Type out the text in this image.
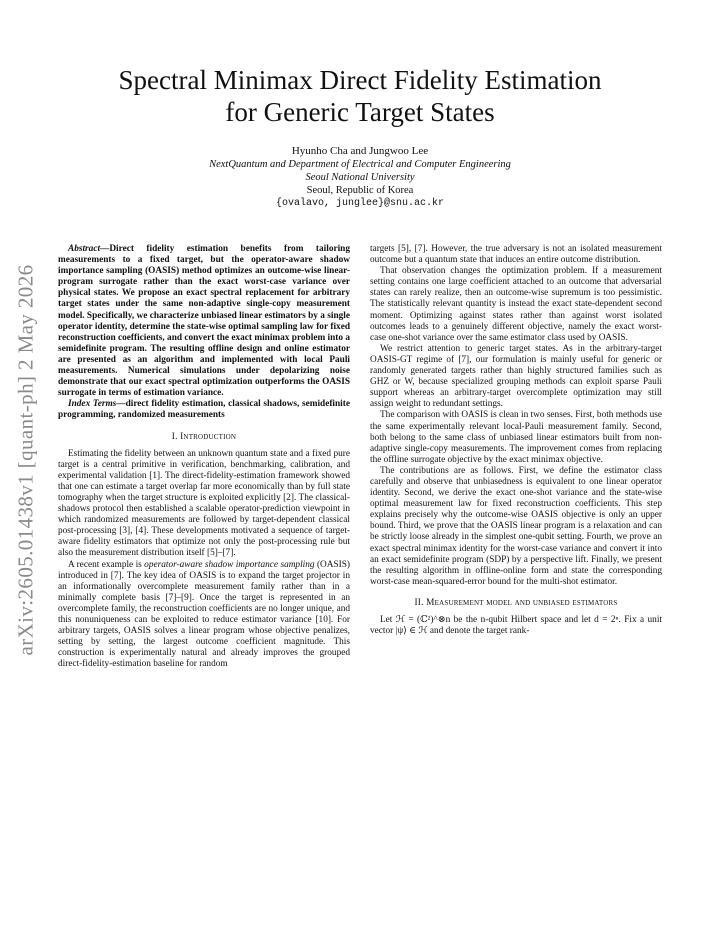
arXiv:2605.01438v1 [quant-ph] 2 May 2026
Spectral Minimax Direct Fidelity Estimation
for Generic Target States
Hyunho Cha and Jungwoo Lee
NextQuantum and Department of Electrical and Computer Engineering
Seoul National University
Seoul, Republic of Korea
{ovalavo, junglee}@snu.ac.kr

Abstract—Direct fidelity estimation benefits from tailoring measurements to a fixed target, but the operator-aware shadow importance sampling (OASIS) method optimizes an outcome-wise linear-program surrogate rather than the exact worst-case variance over physical states. We propose an exact spectral replacement for arbitrary target states under the same non-adaptive single-copy measurement model. Specifically, we characterize unbiased linear estimators by a single operator identity, determine the state-wise optimal sampling law for fixed reconstruction coefficients, and convert the exact minimax problem into a semidefinite program. The resulting offline design and online estimator are presented as an algorithm and implemented with local Pauli measurements. Numerical simulations under depolarizing noise demonstrate that our exact spectral optimization outperforms the OASIS surrogate in terms of estimation variance.

Index Terms—direct fidelity estimation, classical shadows, semidefinite programming, randomized measurements

I. Introduction

Estimating the fidelity between an unknown quantum state and a fixed pure target is a central primitive in verification, benchmarking, calibration, and experimental validation [1]. The direct-fidelity-estimation framework showed that one can estimate a target overlap far more economically than by full state tomography when the target structure is exploited explicitly [2]. The classical-shadows protocol then established a scalable operator-prediction viewpoint in which randomized measurements are followed by target-dependent classical post-processing [3], [4]. These developments motivated a sequence of target-aware fidelity estimators that optimize not only the post-processing rule but also the measurement distribution itself [5]–[7].

A recent example is operator-aware shadow importance sampling (OASIS) introduced in [7]. The key idea of OASIS is to expand the target projector in an informationally overcomplete measurement family rather than in a minimally complete basis [7]–[9]. Once the target is represented in an overcomplete family, the reconstruction coefficients are no longer unique, and this nonuniqueness can be exploited to reduce estimator variance [10]. For arbitrary targets, OASIS solves a linear program whose objective penalizes, setting by setting, the largest outcome coefficient magnitude. This construction is experimentally natural and already improves the grouped direct-fidelity-estimation baseline for random

targets [5], [7]. However, the true adversary is not an isolated measurement outcome but a quantum state that induces an entire outcome distribution.

That observation changes the optimization problem. If a measurement setting contains one large coefficient attached to an outcome that adversarial states can rarely realize, then an outcome-wise supremum is too pessimistic. The statistically relevant quantity is instead the exact state-dependent second moment. Optimizing against states rather than against worst isolated outcomes leads to a genuinely different objective, namely the exact worst-case one-shot variance over the same estimator class used by OASIS.

We restrict attention to generic target states. As in the arbitrary-target OASIS-GT regime of [7], our formulation is mainly useful for generic or randomly generated targets rather than highly structured families such as GHZ or W, because specialized grouping methods can exploit sparse Pauli support whereas an arbitrary-target overcomplete optimization may still assign weight to redundant settings.

The comparison with OASIS is clean in two senses. First, both methods use the same experimentally relevant local-Pauli measurement family. Second, both belong to the same class of unbiased linear estimators built from non-adaptive single-copy measurements. The improvement comes from replacing the offline surrogate objective by the exact minimax objective.

The contributions are as follows. First, we define the estimator class carefully and observe that unbiasedness is equivalent to one linear operator identity. Second, we derive the exact one-shot variance and the state-wise optimal measurement law for fixed reconstruction coefficients. This step explains precisely why the outcome-wise OASIS objective is only an upper bound. Third, we prove that the OASIS linear program is a relaxation and can be strictly loose already in the simplest one-qubit setting. Fourth, we prove an exact spectral minimax identity for the worst-case variance and convert it into an exact semidefinite program (SDP) by a perspective lift. Finally, we present the resulting algorithm in offline-online form and state the corresponding worst-case mean-squared-error bound for the multi-shot estimator.

II. Measurement model and unbiased estimators

Let ℋ = (ℂ²)^⊗n be the n-qubit Hilbert space and let d = 2ⁿ. Fix a unit vector |ψ⟩ ∈ ℋ and denote the target rank-
